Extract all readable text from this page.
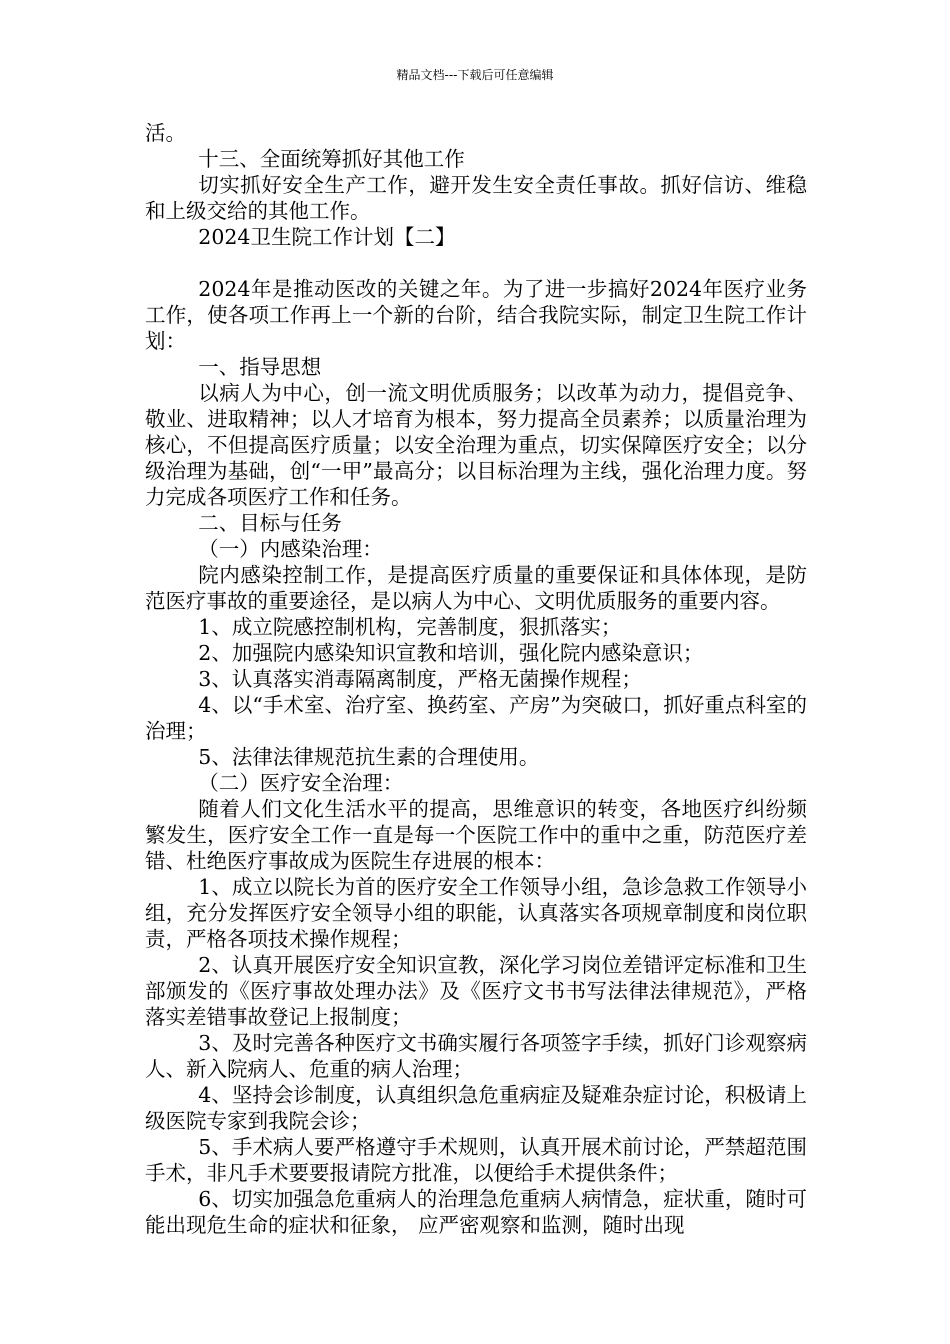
精品文档---下载后可任意编辑

活。

十三、全面统筹抓好其他工作

切实抓好安全生产工作，避开发生安全责任事故。抓好信访、维稳和上级交给的其他工作。

2024卫生院工作计划【二】

2024年是推动医改的关键之年。为了进一步搞好2024年医疗业务工作，使各项工作再上一个新的台阶，结合我院实际，制定卫生院工作计划：

一、指导思想

以病人为中心，创一流文明优质服务；以改革为动力，提倡竞争、敬业、进取精神；以人才培育为根本，努力提高全员素养；以质量治理为核心，不但提高医疗质量；以安全治理为重点，切实保障医疗安全；以分级治理为基础，创“一甲”最高分；以目标治理为主线，强化治理力度。努力完成各项医疗工作和任务。

二、目标与任务

（一）内感染治理：

院内感染控制工作，是提高医疗质量的重要保证和具体体现，是防范医疗事故的重要途径，是以病人为中心、文明优质服务的重要内容。

1、成立院感控制机构，完善制度，狠抓落实；

2、加强院内感染知识宣教和培训，强化院内感染意识；

3、认真落实消毒隔离制度，严格无菌操作规程；

4、以“手术室、治疗室、换药室、产房”为突破口，抓好重点科室的治理；

5、法律法律规范抗生素的合理使用。

（二）医疗安全治理：

随着人们文化生活水平的提高，思维意识的转变，各地医疗纠纷频繁发生，医疗安全工作一直是每一个医院工作中的重中之重，防范医疗差错、杜绝医疗事故成为医院生存进展的根本：

1、成立以院长为首的医疗安全工作领导小组，急诊急救工作领导小组，充分发挥医疗安全领导小组的职能，认真落实各项规章制度和岗位职责，严格各项技术操作规程；

2、认真开展医疗安全知识宣教，深化学习岗位差错评定标准和卫生部颁发的《医疗事故处理办法》及《医疗文书书写法律法律规范》，严格落实差错事故登记上报制度；

3、及时完善各种医疗文书确实履行各项签字手续，抓好门诊观察病人、新入院病人、危重的病人治理；

4、坚持会诊制度，认真组织急危重病症及疑难杂症讨论，积极请上级医院专家到我院会诊；

5、手术病人要严格遵守手术规则，认真开展术前讨论，严禁超范围手术，非凡手术要要报请院方批准，以便给手术提供条件；

6、切实加强急危重病人的治理急危重病人病情急，症状重，随时可能出现危生命的症状和征象， 应严密观察和监测，随时出现
